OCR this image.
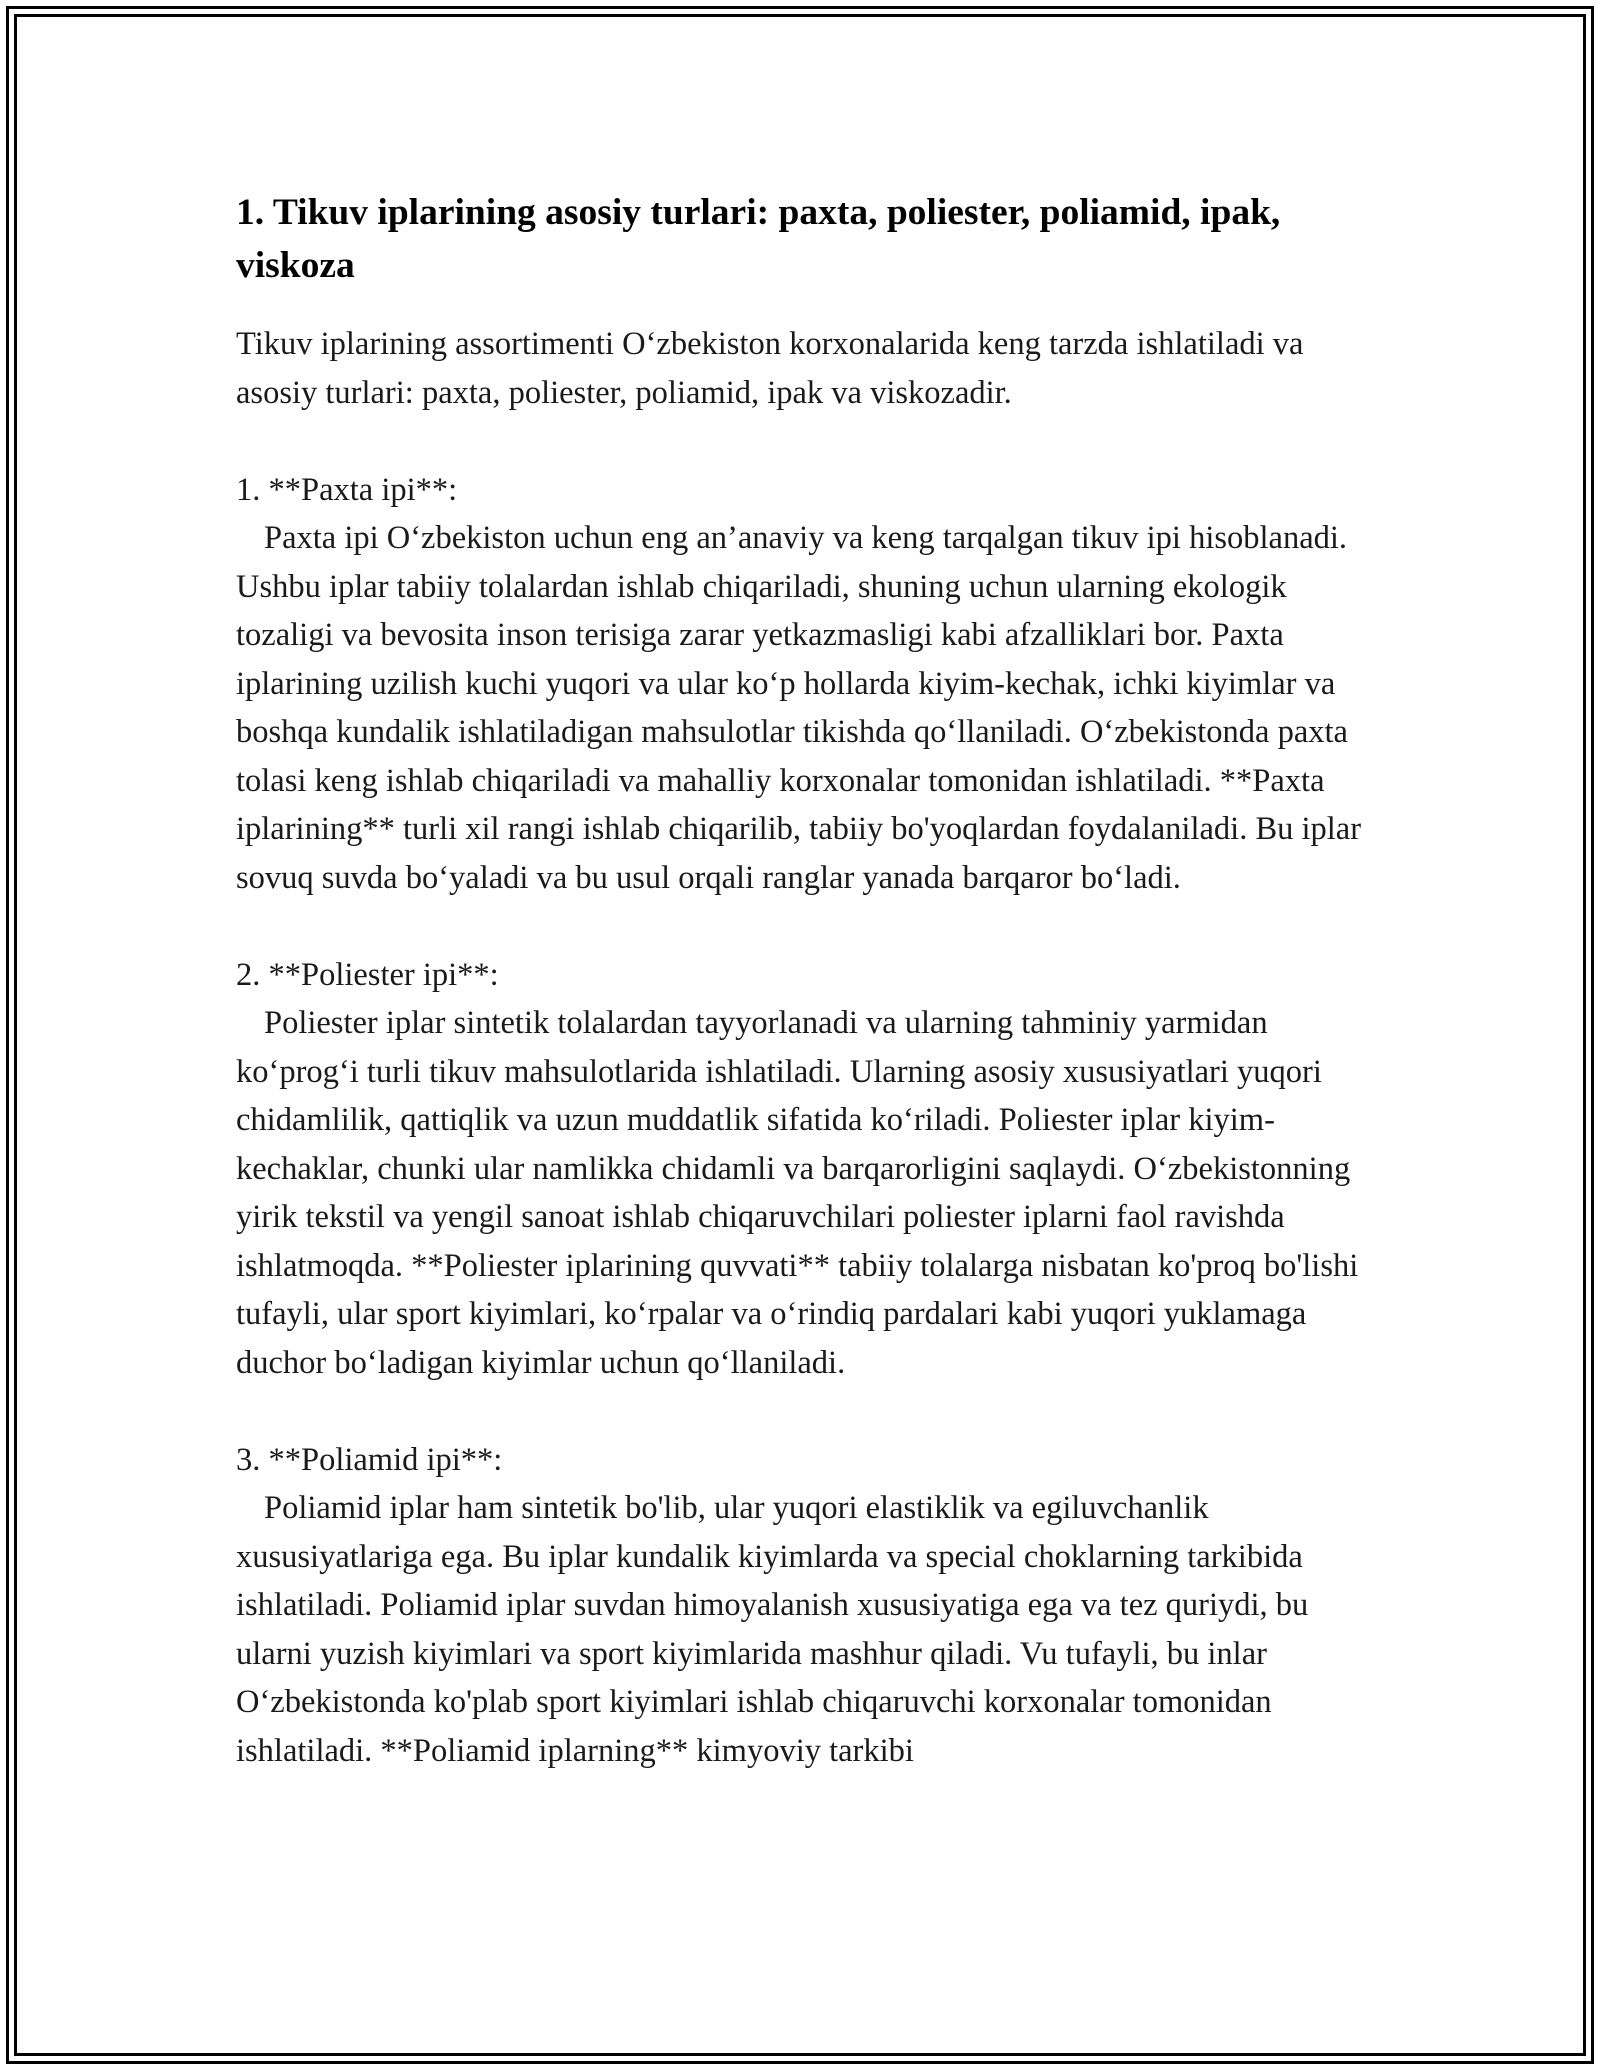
1. Tikuv iplarining asosiy turlari: paxta, poliester, poliamid, ipak, viskoza

Tikuv iplarining assortimenti O‘zbekiston korxonalarida keng tarzda ishlatiladi va asosiy turlari: paxta, poliester, poliamid, ipak va viskozadir.

1. **Paxta ipi**:

Paxta ipi O‘zbekiston uchun eng an’anaviy va keng tarqalgan tikuv ipi hisoblanadi. Ushbu iplar tabiiy tolalardan ishlab chiqariladi, shuning uchun ularning ekologik tozaligi va bevosita inson terisiga zarar yetkazmasligi kabi afzalliklari bor. Paxta iplarining uzilish kuchi yuqori va ular ko‘p hollarda kiyim-kechak, ichki kiyimlar va boshqa kundalik ishlatiladigan mahsulotlar tikishda qo‘llaniladi. O‘zbekistonda paxta tolasi keng ishlab chiqariladi va mahalliy korxonalar tomonidan ishlatiladi. **Paxta iplarining** turli xil rangi ishlab chiqarilib, tabiiy bo'yoqlardan foydalaniladi. Bu iplar sovuq suvda bo‘yaladi va bu usul orqali ranglar yanada barqaror bo‘ladi.

2. **Poliester ipi**:

Poliester iplar sintetik tolalardan tayyorlanadi va ularning tahminiy yarmidan ko‘prog‘i turli tikuv mahsulotlarida ishlatiladi. Ularning asosiy xususiyatlari yuqori chidamlilik, qattiqlik va uzun muddatlik sifatida ko‘riladi. Poliester iplar kiyim-kechaklar, chunki ular namlikka chidamli va barqarorligini saqlaydi. O‘zbekistonning yirik tekstil va yengil sanoat ishlab chiqaruvchilari poliester iplarni faol ravishda ishlatmoqda. **Poliester iplarining quvvati** tabiiy tolalarga nisbatan ko'proq bo'lishi tufayli, ular sport kiyimlari, ko‘rpalar va o‘rindiq pardalari kabi yuqori yuklamaga duchor bo‘ladigan kiyimlar uchun qo‘llaniladi.

3. **Poliamid ipi**:

Poliamid iplar ham sintetik bo'lib, ular yuqori elastiklik va egiluvchanlik xususiyatlariga ega. Bu iplar kundalik kiyimlarda va special choklarning tarkibida ishlatiladi. Poliamid iplar suvdan himoyalanish xususiyatiga ega va tez quriydi, bu ularni yuzish kiyimlari va sport kiyimlarida mashhur qiladi. Vu tufayli, bu inlar O‘zbekistonda ko'plab sport kiyimlari ishlab chiqaruvchi korxonalar tomonidan ishlatiladi. **Poliamid iplarning** kimyoviy tarkibi
